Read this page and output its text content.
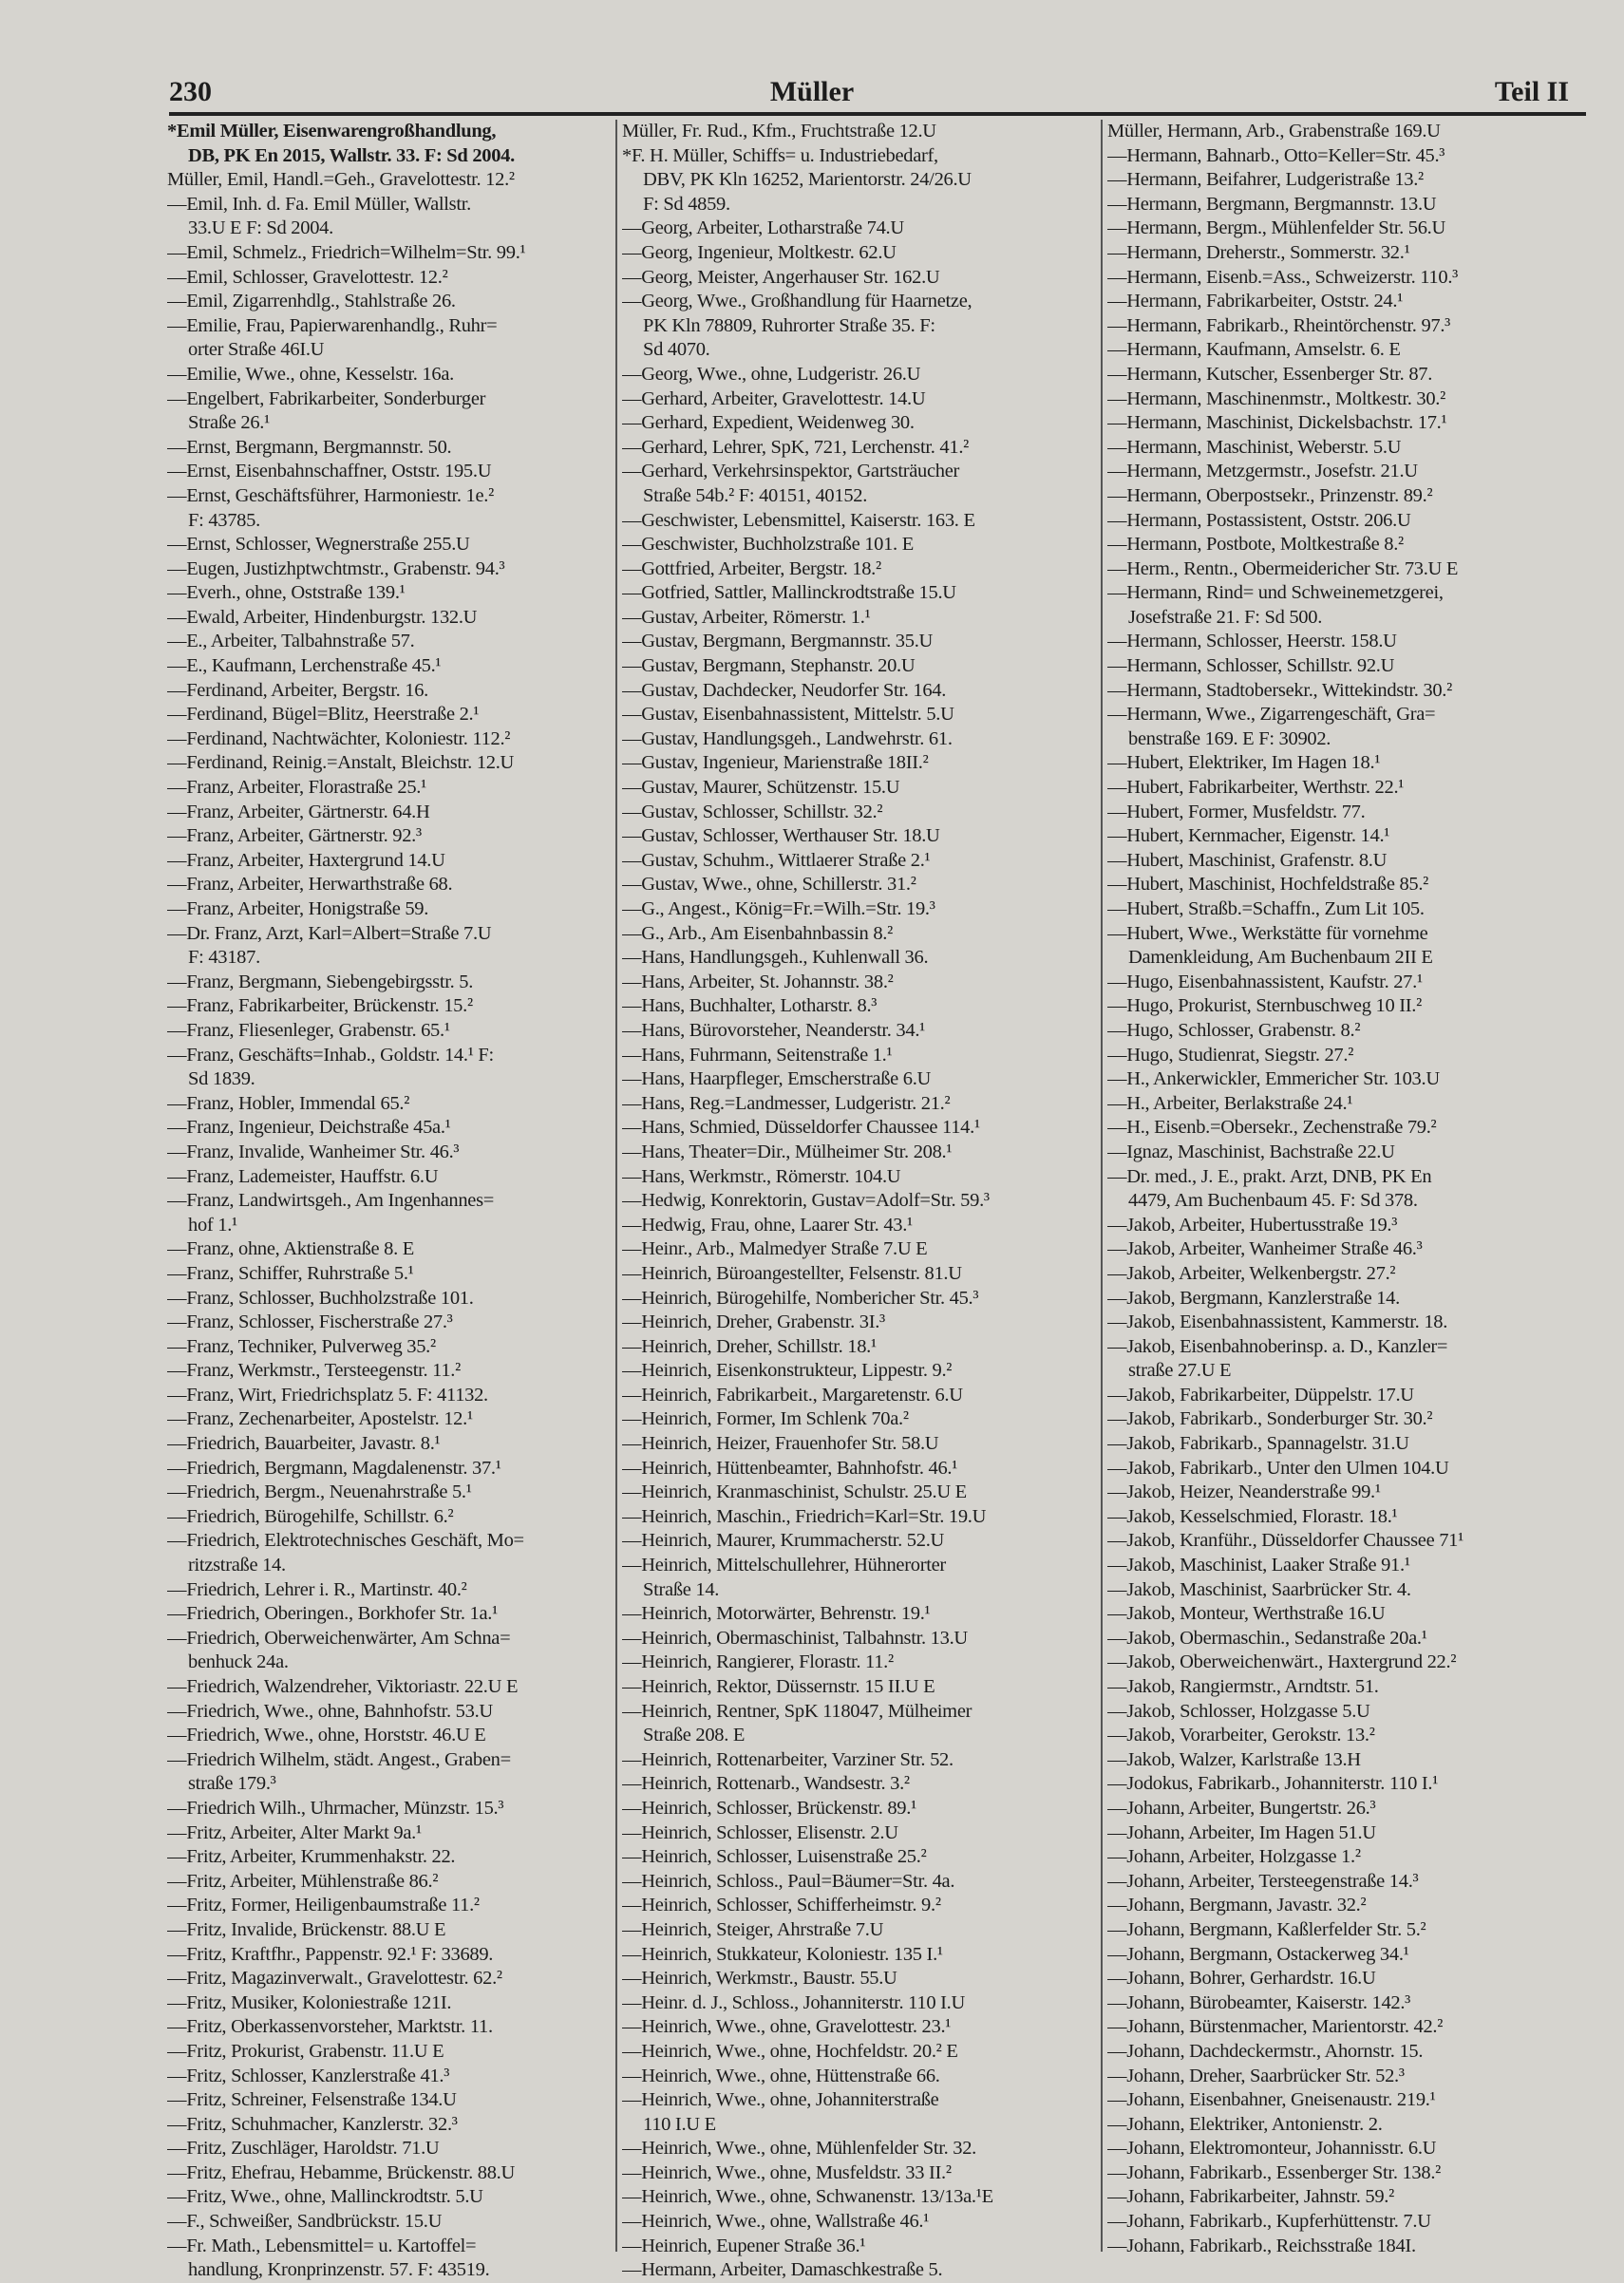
230	Müller	Teil II
*Emil Müller, Eisenwarengroßhandlung,
DB, PK En 2015, Wallstr. 33. F: Sd 2004.
Müller, Emil, Handl.=Geh., Gravelottestr. 12.²
—Emil, Inh. d. Fa. Emil Müller, Wallstr.
33.U E F: Sd 2004.
—Emil, Schmelz., Friedrich=Wilhelm=Str. 99.¹
—Emil, Schlosser, Gravelottestr. 12.²
—Emil, Zigarrenhdlg., Stahlstraße 26.
—Emilie, Frau, Papierwarenhandlg., Ruhr=
orter Straße 46I.U
—Emilie, Wwe., ohne, Kesselstr. 16a.
—Engelbert, Fabrikarbeiter, Sonderburger
Straße 26.¹
—Ernst, Bergmann, Bergmannstr. 50.
—Ernst, Eisenbahnschaffner, Oststr. 195.U
—Ernst, Geschäftsführer, Harmoniestr. 1e.²
F: 43785.
—Ernst, Schlosser, Wegnerstraße 255.U
—Eugen, Justizhptwchtmstr., Grabenstr. 94.³
—Everh., ohne, Oststraße 139.¹
—Ewald, Arbeiter, Hindenburgstr. 132.U
—E., Arbeiter, Talbahnstraße 57.
—E., Kaufmann, Lerchenstraße 45.¹
—Ferdinand, Arbeiter, Bergstr. 16.
—Ferdinand, Bügel=Blitz, Heerstraße 2.¹
—Ferdinand, Nachtwächter, Koloniestr. 112.²
—Ferdinand, Reinig.=Anstalt, Bleichstr. 12.U
—Franz, Arbeiter, Florastraße 25.¹
—Franz, Arbeiter, Gärtnerstr. 64.H
—Franz, Arbeiter, Gärtnerstr. 92.³
—Franz, Arbeiter, Haxtergrund 14.U
—Franz, Arbeiter, Herwarthstraße 68.
—Franz, Arbeiter, Honigstraße 59.
—Dr. Franz, Arzt, Karl=Albert=Straße 7.U
F: 43187.
—Franz, Bergmann, Siebengebirgsstr. 5.
—Franz, Fabrikarbeiter, Brückenstr. 15.²
—Franz, Fliesenleger, Grabenstr. 65.¹
—Franz, Geschäfts=Inhab., Goldstr. 14.¹ F:
Sd 1839.
—Franz, Hobler, Immendal 65.²
—Franz, Ingenieur, Deichstraße 45a.¹
—Franz, Invalide, Wanheimer Str. 46.³
—Franz, Lademeister, Hauffstr. 6.U
—Franz, Landwirtsgeh., Am Ingenhannes=
hof 1.¹
—Franz, ohne, Aktienstraße 8. E
—Franz, Schiffer, Ruhrstraße 5.¹
—Franz, Schlosser, Buchholzstraße 101.
—Franz, Schlosser, Fischerstraße 27.³
—Franz, Techniker, Pulverweg 35.²
—Franz, Werkmstr., Tersteegenstr. 11.²
—Franz, Wirt, Friedrichsplatz 5. F: 41132.
—Franz, Zechenarbeiter, Apostelstr. 12.¹
—Friedrich, Bauarbeiter, Javastr. 8.¹
—Friedrich, Bergmann, Magdalenenstr. 37.¹
—Friedrich, Bergm., Neuenahrstraße 5.¹
—Friedrich, Bürogehilfe, Schillstr. 6.²
—Friedrich, Elektrotechnisches Geschäft, Mo=
ritzstraße 14.
—Friedrich, Lehrer i. R., Martinstr. 40.²
—Friedrich, Oberingen., Borkhofer Str. 1a.¹
—Friedrich, Oberweichenwärter, Am Schna=
benhuck 24a.
—Friedrich, Walzendreher, Viktoriastr. 22.U E
—Friedrich, Wwe., ohne, Bahnhofstr. 53.U
—Friedrich, Wwe., ohne, Horststr. 46.U E
—Friedrich Wilhelm, städt. Angest., Graben=
straße 179.³
—Friedrich Wilh., Uhrmacher, Münzstr. 15.³
—Fritz, Arbeiter, Alter Markt 9a.¹
—Fritz, Arbeiter, Krummenhakstr. 22.
—Fritz, Arbeiter, Mühlenstraße 86.²
—Fritz, Former, Heiligenbaumstraße 11.²
—Fritz, Invalide, Brückenstr. 88.U E
—Fritz, Kraftfhr., Pappenstr. 92.¹ F: 33689.
—Fritz, Magazinverwalt., Gravelottestr. 62.²
—Fritz, Musiker, Koloniestraße 121I.
—Fritz, Oberkassenvorsteher, Marktstr. 11.
—Fritz, Prokurist, Grabenstr. 11.U E
—Fritz, Schlosser, Kanzlerstraße 41.³
—Fritz, Schreiner, Felsenstraße 134.U
—Fritz, Schuhmacher, Kanzlerstr. 32.³
—Fritz, Zuschläger, Haroldstr. 71.U
—Fritz, Ehefrau, Hebamme, Brückenstr. 88.U
—Fritz, Wwe., ohne, Mallinckrodtstr. 5.U
—F., Schweißer, Sandbrückstr. 15.U
—Fr. Math., Lebensmittel= u. Kartoffel=
handlung, Kronprinzenstr. 57. F: 43519.
Müller, Fr. Rud., Kfm., Fruchtstraße 12.U
*F. H. Müller, Schiffs= u. Industriebedarf,
DBV, PK Kln 16252, Marientorstr. 24/26.U
F: Sd 4859.
—Georg, Arbeiter, Lotharstraße 74.U
—Georg, Ingenieur, Moltkestr. 62.U
—Georg, Meister, Angerhauser Str. 162.U
—Georg, Wwe., Großhandlung für Haarnetze,
PK Kln 78809, Ruhrorter Straße 35. F:
Sd 4070.
—Georg, Wwe., ohne, Ludgeristr. 26.U
—Gerhard, Arbeiter, Gravelottestr. 14.U
—Gerhard, Expedient, Weidenweg 30.
—Gerhard, Lehrer, SpK, 721, Lerchenstr. 41.²
—Gerhard, Verkehrsinspektor, Gartsträucher
Straße 54b.² F: 40151, 40152.
—Geschwister, Lebensmittel, Kaiserstr. 163. E
—Geschwister, Buchholzstraße 101. E
—Gottfried, Arbeiter, Bergstr. 18.²
—Gotfried, Sattler, Mallinckrodtstraße 15.U
—Gustav, Arbeiter, Römerstr. 1.¹
—Gustav, Bergmann, Bergmannstr. 35.U
—Gustav, Bergmann, Stephanstr. 20.U
—Gustav, Dachdecker, Neudorfer Str. 164.
—Gustav, Eisenbahnassistent, Mittelstr. 5.U
—Gustav, Handlungsgeh., Landwehrstr. 61.
—Gustav, Ingenieur, Marienstraße 18II.²
—Gustav, Maurer, Schützenstr. 15.U
—Gustav, Schlosser, Schillstr. 32.²
—Gustav, Schlosser, Werthauser Str. 18.U
—Gustav, Schuhm., Wittlaerer Straße 2.¹
—Gustav, Wwe., ohne, Schillerstr. 31.²
—G., Angest., König=Fr.=Wilh.=Str. 19.³
—G., Arb., Am Eisenbahnbassin 8.²
—Hans, Handlungsgeh., Kuhlenwall 36.
—Hans, Arbeiter, St. Johannstr. 38.²
—Hans, Buchhalter, Lotharstr. 8.³
—Hans, Bürovorsteher, Neanderstr. 34.¹
—Hans, Fuhrmann, Seitenstraße 1.¹
—Hans, Haarpfleger, Emscherstraße 6.U
—Hans, Reg.=Landmesser, Ludgeristr. 21.²
—Hans, Schmied, Düsseldorfer Chaussee 114.¹
—Hans, Theater=Dir., Mülheimer Str. 208.¹
—Hans, Werkmstr., Römerstr. 104.U
—Hedwig, Konrektorin, Gustav=Adolf=Str. 59.³
—Hedwig, Frau, ohne, Laarer Str. 43.¹
—Heinr., Arb., Malmedyer Straße 7.U E
—Heinrich, Büroangestellter, Felsenstr. 81.U
—Heinrich, Bürogehilfe, Nombericher Str. 45.³
—Heinrich, Dreher, Grabenstr. 3I.³
—Heinrich, Dreher, Schillstr. 18.¹
—Heinrich, Eisenkonstrukteur, Lippestr. 9.²
—Heinrich, Fabrikarbeit., Margaretenstr. 6.U
—Heinrich, Former, Im Schlenk 70a.²
—Heinrich, Heizer, Frauenhofer Str. 58.U
—Heinrich, Hüttenbeamter, Bahnhofstr. 46.¹
—Heinrich, Kranmaschinist, Schulstr. 25.U E
—Heinrich, Maschin., Friedrich=Karl=Str. 19.U
—Heinrich, Maurer, Krummacherstr. 52.U
—Heinrich, Mittelschullehrer, Hühnerorter
Straße 14.
—Heinrich, Motorwärter, Behrenstr. 19.¹
—Heinrich, Obermaschinist, Talbahnstr. 13.U
—Heinrich, Rangierer, Florastr. 11.²
—Heinrich, Rektor, Düssernstr. 15 II.U E
—Heinrich, Rentner, SpK 118047, Mülheimer
Straße 208. E
—Heinrich, Rottenarbeiter, Varziner Str. 52.
—Heinrich, Rottenarb., Wandsestr. 3.²
—Heinrich, Schlosser, Brückenstr. 89.¹
—Heinrich, Schlosser, Elisenstr. 2.U
—Heinrich, Schlosser, Luisenstraße 25.²
—Heinrich, Schloss., Paul=Bäumer=Str. 4a.
—Heinrich, Schlosser, Schifferheimstr. 9.²
—Heinrich, Steiger, Ahrstraße 7.U
—Heinrich, Stukkateur, Koloniestr. 135 I.¹
—Heinrich, Werkmstr., Baustr. 55.U
—Heinr. d. J., Schloss., Johanniterstr. 110 I.U
—Heinrich, Wwe., ohne, Gravelottestr. 23.¹
—Heinrich, Wwe., ohne, Hochfeldstr. 20.² E
—Heinrich, Wwe., ohne, Hüttenstraße 66.
—Heinrich, Wwe., ohne, Johanniterstraße
110 I.U E
—Heinrich, Wwe., ohne, Mühlenfelder Str. 32.
—Heinrich, Wwe., ohne, Musfeldstr. 33 II.²
—Heinrich, Wwe., ohne, Schwanenstr. 13/13a.¹E
—Heinrich, Wwe., ohne, Wallstraße 46.¹
—Heinrich, Eupener Straße 36.¹
—Hermann, Arbeiter, Damaschkestraße 5.
Müller, Hermann, Arb., Grabenstraße 169.U
—Hermann, Bahnarb., Otto=Keller=Str. 45.³
—Hermann, Beifahrer, Ludgeristraße 13.²
—Hermann, Bergmann, Bergmannstr. 13.U
—Hermann, Bergm., Mühlenfelder Str. 56.U
—Hermann, Dreherstr., Sommerstr. 32.¹
—Hermann, Eisenb.=Ass., Schweizerstr. 110.³
—Hermann, Fabrikarbeiter, Oststr. 24.¹
—Hermann, Fabrikarb., Rheintörchenstr. 97.³
—Hermann, Kaufmann, Amselstr. 6. E
—Hermann, Kutscher, Essenberger Str. 87.
—Hermann, Maschinenmstr., Moltkestr. 30.²
—Hermann, Maschinist, Dickelsbachstr. 17.¹
—Hermann, Maschinist, Weberstr. 5.U
—Hermann, Metzgermstr., Josefstr. 21.U
—Hermann, Oberpostsekr., Prinzenstr. 89.²
—Hermann, Postassistent, Oststr. 206.U
—Hermann, Postbote, Moltkestraße 8.²
—Herm., Rentn., Obermeidericher Str. 73.U E
—Hermann, Rind= und Schweinemetzgerei,
Josefstraße 21. F: Sd 500.
—Hermann, Schlosser, Heerstr. 158.U
—Hermann, Schlosser, Schillstr. 92.U
—Hermann, Stadtobersekr., Wittekindstr. 30.²
—Hermann, Wwe., Zigarrengeschäft, Gra=
benstraße 169. E F: 30902.
—Hubert, Elektriker, Im Hagen 18.¹
—Hubert, Fabrikarbeiter, Werthstr. 22.¹
—Hubert, Former, Musfeldstr. 77.
—Hubert, Kernmacher, Eigenstr. 14.¹
—Hubert, Maschinist, Grafenstr. 8.U
—Hubert, Maschinist, Hochfeldstraße 85.²
—Hubert, Straßb.=Schaffn., Zum Lit 105.
—Hubert, Wwe., Werkstätte für vornehme
Damenkleidung, Am Buchenbaum 2II E
—Hugo, Eisenbahnassistent, Kaufstr. 27.¹
—Hugo, Prokurist, Sternbuschweg 10 II.²
—Hugo, Schlosser, Grabenstr. 8.²
—Hugo, Studienrat, Siegstr. 27.²
—H., Ankerwickler, Emmericher Str. 103.U
—H., Arbeiter, Berlakstraße 24.¹
—H., Eisenb.=Obersekr., Zechenstraße 79.²
—Ignaz, Maschinist, Bachstraße 22.U
—Dr. med., J. E., prakt. Arzt, DNB, PK En
4479, Am Buchenbaum 45. F: Sd 378.
—Jakob, Arbeiter, Hubertusstraße 19.³
—Jakob, Arbeiter, Wanheimer Straße 46.³
—Jakob, Arbeiter, Welkenbergstr. 27.²
—Jakob, Bergmann, Kanzlerstraße 14.
—Jakob, Eisenbahnassistent, Kammerstr. 18.
—Jakob, Eisenbahnoberinsp. a. D., Kanzler=
straße 27.U E
—Jakob, Fabrikarbeiter, Düppelstr. 17.U
—Jakob, Fabrikarb., Sonderburger Str. 30.²
—Jakob, Fabrikarb., Spannagelstr. 31.U
—Jakob, Fabrikarb., Unter den Ulmen 104.U
—Jakob, Heizer, Neanderstraße 99.¹
—Jakob, Kesselschmied, Florastr. 18.¹
—Jakob, Kranführ., Düsseldorfer Chaussee 71¹
—Jakob, Maschinist, Laaker Straße 91.¹
—Jakob, Maschinist, Saarbrücker Str. 4.
—Jakob, Monteur, Werthstraße 16.U
—Jakob, Obermaschin., Sedanstraße 20a.¹
—Jakob, Oberweichenwärt., Haxtergrund 22.²
—Jakob, Rangiermstr., Arndtstr. 51.
—Jakob, Schlosser, Holzgasse 5.U
—Jakob, Vorarbeiter, Gerokstr. 13.²
—Jakob, Walzer, Karlstraße 13.H
—Jodokus, Fabrikarb., Johanniterstr. 110 I.¹
—Johann, Arbeiter, Bungertstr. 26.³
—Johann, Arbeiter, Im Hagen 51.U
—Johann, Arbeiter, Holzgasse 1.²
—Johann, Arbeiter, Tersteegenstraße 14.³
—Johann, Bergmann, Javastr. 32.²
—Johann, Bergmann, Kaßlerfelder Str. 5.²
—Johann, Bergmann, Ostackerweg 34.¹
—Johann, Bohrer, Gerhardstr. 16.U
—Johann, Bürobeamter, Kaiserstr. 142.³
—Johann, Bürstenmacher, Marientorstr. 42.²
—Johann, Dachdeckermstr., Ahornstr. 15.
—Johann, Dreher, Saarbrücker Str. 52.³
—Johann, Eisenbahner, Gneisenaustr. 219.¹
—Johann, Elektriker, Antonienstr. 2.
—Johann, Elektromonteur, Johannisstr. 6.U
—Johann, Fabrikarb., Essenberger Str. 138.²
—Johann, Fabrikarbeiter, Jahnstr. 59.²
—Johann, Fabrikarb., Kupferhüttenstr. 7.U
—Johann, Fabrikarb., Reichsstraße 184I.
